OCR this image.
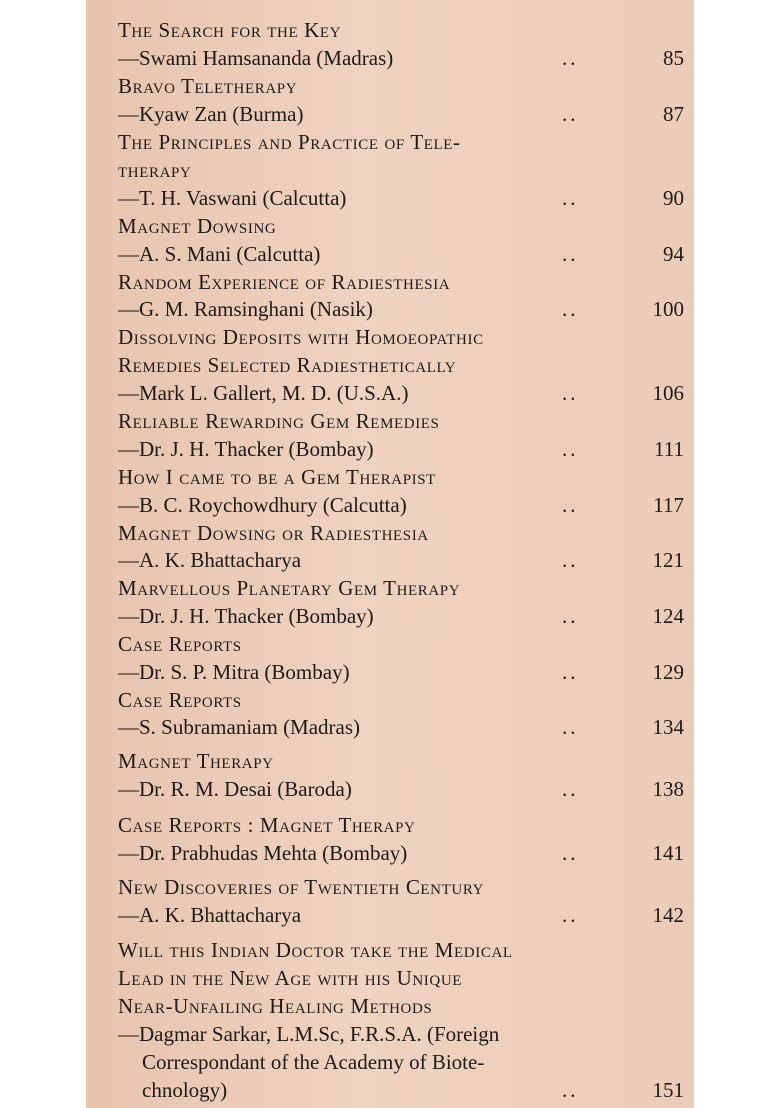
The Search for the Key
—Swami Hamsananda (Madras)	..	85
Bravo Teletherapy
—Kyaw Zan (Burma)	..	87
The Principles and Practice of Tele-
therapy
—T. H. Vaswani (Calcutta)	..	90
Magnet Dowsing
—A. S. Mani (Calcutta)	..	94
Random Experience of Radiesthesia
—G. M. Ramsinghani (Nasik)	..	100
Dissolving Deposits with Homoeopathic
Remedies Selected Radiesthetically
—Mark L. Gallert, M. D. (U.S.A.)	..	106
Reliable Rewarding Gem Remedies
—Dr. J. H. Thacker (Bombay)	..	111
How I came to be a Gem Therapist
—B. C. Roychowdhury (Calcutta)	..	117
Magnet Dowsing or Radiesthesia
—A. K. Bhattacharya	..	121
Marvellous Planetary Gem Therapy
—Dr. J. H. Thacker (Bombay)	..	124
Case Reports
—Dr. S. P. Mitra (Bombay)	..	129
Case Reports
—S. Subramaniam (Madras)	..	134
Magnet Therapy
—Dr. R. M. Desai (Baroda)	..	138
Case Reports : Magnet Therapy
—Dr. Prabhudas Mehta (Bombay)	..	141
New Discoveries of Twentieth Century
—A. K. Bhattacharya	..	142
Will this Indian Doctor take the Medical
Lead in the New Age with his Unique
Near-Unfailing Healing Methods
—Dagmar Sarkar, L.M.Sc, F.R.S.A. (Foreign
Correspondant of the Academy of Biote-
chnology)	..	151
